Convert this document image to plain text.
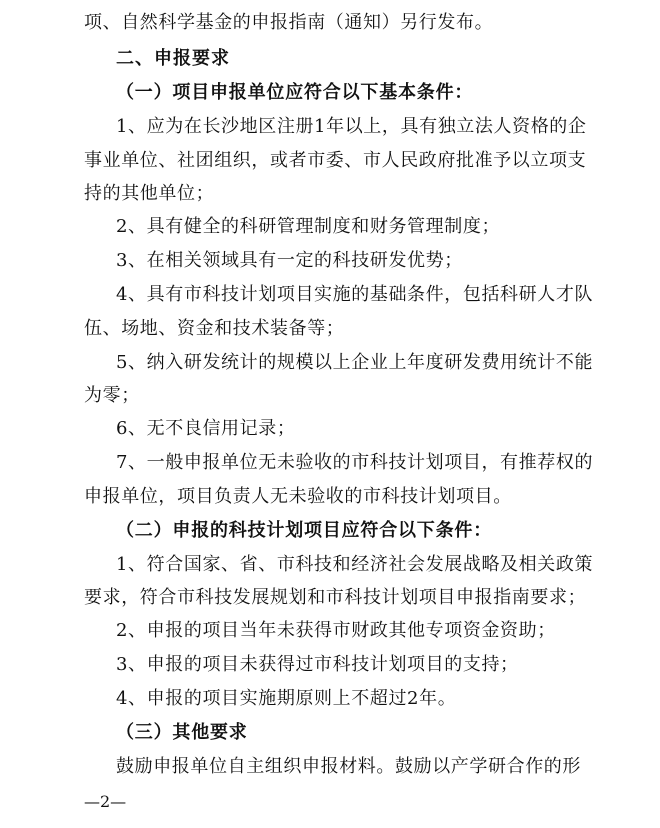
项、自然科学基金的申报指南（通知）另行发布。
二、申报要求
（一）项目申报单位应符合以下基本条件：
1、应为在长沙地区注册1年以上，具有独立法人资格的企
事业单位、社团组织，或者市委、市人民政府批准予以立项支
持的其他单位；
2、具有健全的科研管理制度和财务管理制度；
3、在相关领域具有一定的科技研发优势；
4、具有市科技计划项目实施的基础条件，包括科研人才队
伍、场地、资金和技术装备等；
5、纳入研发统计的规模以上企业上年度研发费用统计不能
为零；
6、无不良信用记录；
7、一般申报单位无未验收的市科技计划项目，有推荐权的
申报单位，项目负责人无未验收的市科技计划项目。
（二）申报的科技计划项目应符合以下条件：
1、符合国家、省、市科技和经济社会发展战略及相关政策
要求，符合市科技发展规划和市科技计划项目申报指南要求；
2、申报的项目当年未获得市财政其他专项资金资助；
3、申报的项目未获得过市科技计划项目的支持；
4、申报的项目实施期原则上不超过2年。
（三）其他要求
鼓励申报单位自主组织申报材料。鼓励以产学研合作的形
—2—
